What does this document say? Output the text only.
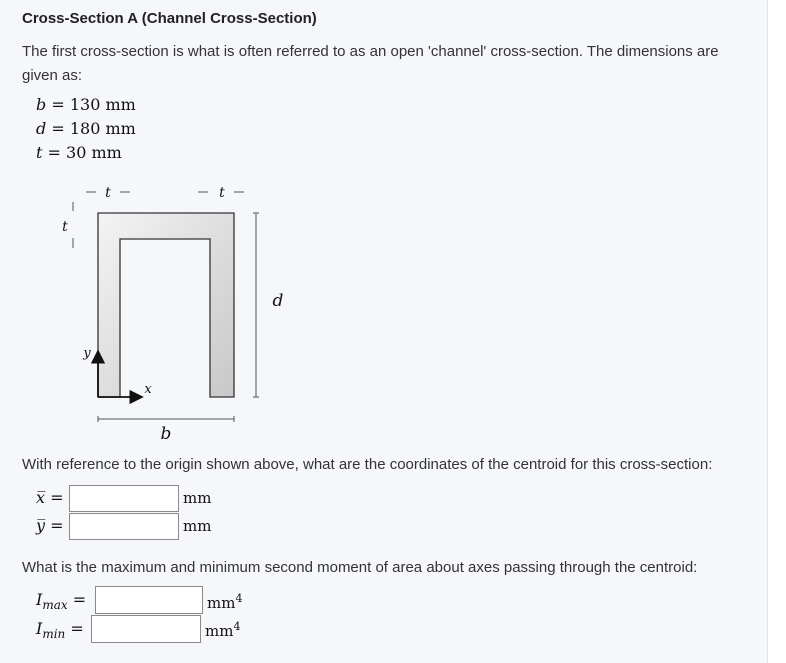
Cross-Section A (Channel Cross-Section)
The first cross-section is what is often referred to as an open 'channel' cross-section. The dimensions are given as:
b = 130 mm
d = 180 mm
t = 30 mm
t	t
t
d
b
y
x
With reference to the origin shown above, what are the coordinates of the centroid for this cross-section:
x̅ =	mm
y̅ =	mm
What is the maximum and minimum second moment of area about axes passing through the centroid:
$I_{max}$ =	$mm^4$
$I_{min}$ =	$mm^4$
